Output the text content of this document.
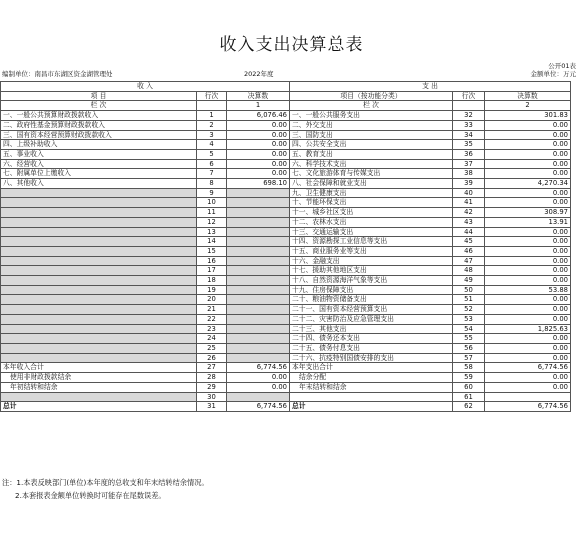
收入支出决算总表
公开01表
编制单位：南昌市东湖区资金湖管理处	2022年度	金额单位：万元
收 入			支 出		
项 目	行次	决算数	项目（按功能分类）	行次	决算数
栏 次		1	栏 次		2
一、一般公共预算财政拨款收入	1	6,076.46	一、一般公共服务支出	32	301.83
二、政府性基金预算财政拨款收入	2	0.00	二、外交支出	33	0.00
三、国有资本经营预算财政拨款收入	3	0.00	三、国防支出	34	0.00
四、上级补助收入	4	0.00	四、公共安全支出	35	0.00
五、事业收入	5	0.00	五、教育支出	36	0.00
六、经营收入	6	0.00	六、科学技术支出	37	0.00
七、附属单位上缴收入	7	0.00	七、文化旅游体育与传媒支出	38	0.00
八、其他收入	8	698.10	八、社会保障和就业支出	39	4,270.34
	9		九、卫生健康支出	40	0.00
	10		十、节能环保支出	41	0.00
	11		十一、城乡社区支出	42	308.97
	12		十二、农林水支出	43	13.91
	13		十三、交通运输支出	44	0.00
	14		十四、资源勘探工业信息等支出	45	0.00
	15		十五、商业服务业等支出	46	0.00
	16		十六、金融支出	47	0.00
	17		十七、援助其他地区支出	48	0.00
	18		十八、自然资源海洋气象等支出	49	0.00
	19		十九、住房保障支出	50	53.88
	20		二十、粮油物资储备支出	51	0.00
	21		二十一、国有资本经营预算支出	52	0.00
	22		二十二、灾害防治及应急管理支出	53	0.00
	23		二十三、其他支出	54	1,825.63
	24		二十四、债务还本支出	55	0.00
	25		二十五、债务付息支出	56	0.00
	26		二十六、抗疫特别国债安排的支出	57	0.00
本年收入合计	27	6,774.56	本年支出合计	58	6,774.56
使用非财政拨款结余	28	0.00	结余分配	59	0.00
年初结转和结余	29	0.00	年末结转和结余	60	0.00
	30			61	
总计	31	6,774.56	总计	62	6,774.56
注：1.本表反映部门(单位)本年度的总收支和年末结转结余情况。
2.本套报表金额单位转换时可能存在尾数误差。
